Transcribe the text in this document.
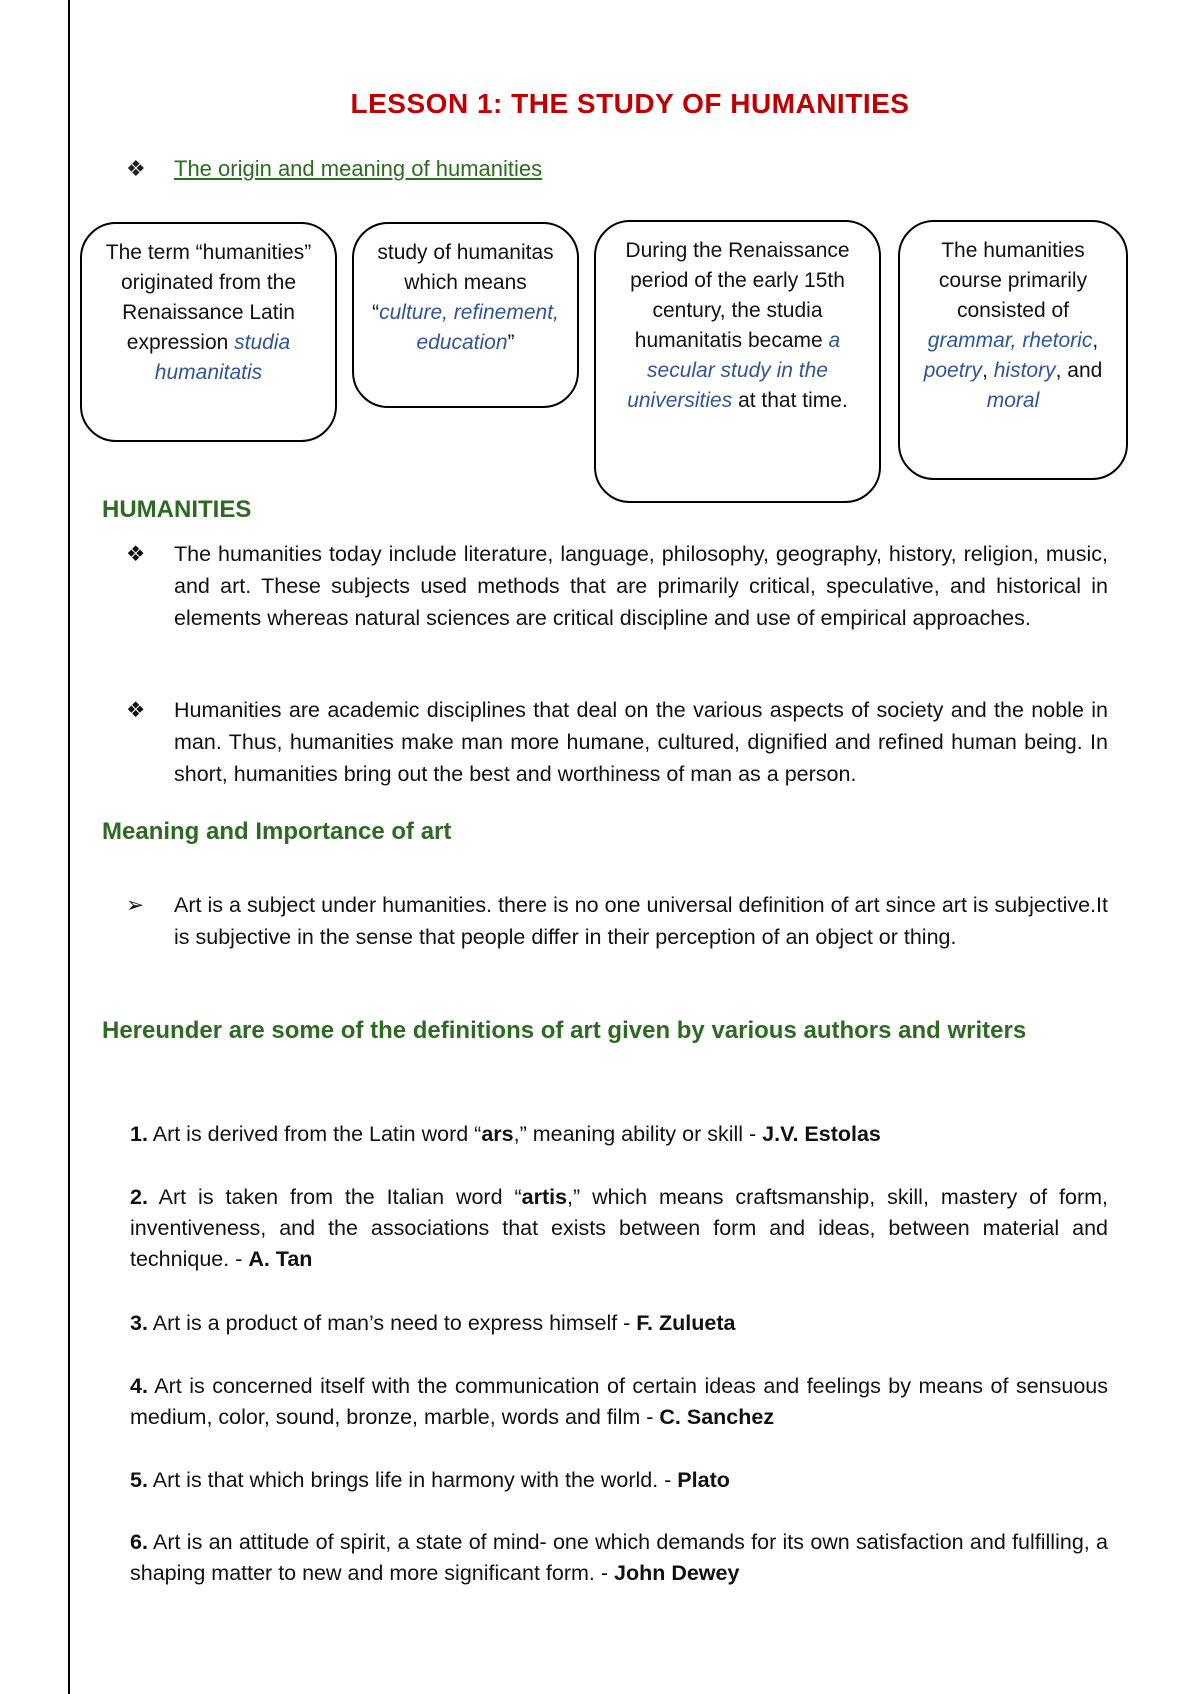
LESSON 1: THE STUDY OF HUMANITIES
❖ The origin and meaning of humanities
The term “humanities” originated from the Renaissance Latin expression studia humanitatis
study of humanitas which means “culture, refinement, education”
During the Renaissance period of the early 15th century, the studia humanitatis became a secular study in the universities at that time.
The humanities course primarily consisted of grammar, rhetoric, poetry, history, and moral
HUMANITIES
❖	The humanities today include literature, language, philosophy, geography, history, religion, music, and art. These subjects used methods that are primarily critical, speculative, and historical in elements whereas natural sciences are critical discipline and use of empirical approaches.
❖	Humanities are academic disciplines that deal on the various aspects of society and the noble in man. Thus, humanities make man more humane, cultured, dignified and refined human being. In short, humanities bring out the best and worthiness of man as a person.
Meaning and Importance of art
➢	Art is a subject under humanities. there is no one universal definition of art since art is subjective.It is subjective in the sense that people differ in their perception of an object or thing.
Hereunder are some of the definitions of art given by various authors and writers
1. Art is derived from the Latin word “ars,” meaning ability or skill - J.V. Estolas
2. Art is taken from the Italian word “artis,” which means craftsmanship, skill, mastery of form, inventiveness, and the associations that exists between form and ideas, between material and technique. - A. Tan
3. Art is a product of man’s need to express himself - F. Zulueta
4. Art is concerned itself with the communication of certain ideas and feelings by means of sensuous medium, color, sound, bronze, marble, words and film - C. Sanchez
5. Art is that which brings life in harmony with the world. - Plato
6. Art is an attitude of spirit, a state of mind- one which demands for its own satisfaction and fulfilling, a shaping matter to new and more significant form. - John Dewey
